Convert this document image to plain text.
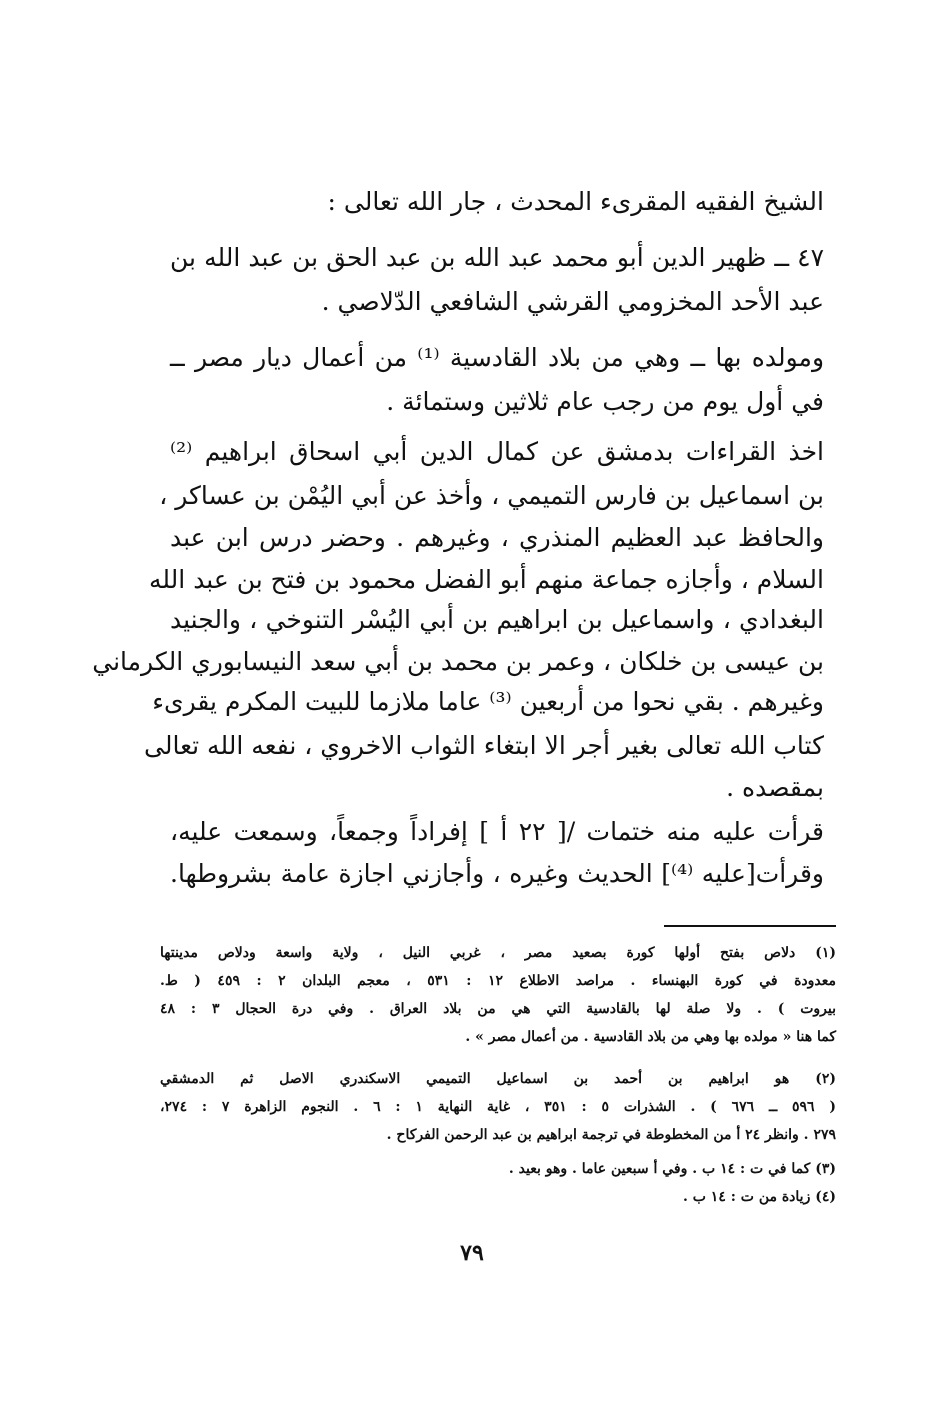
الشيخ الفقيه المقرىء المحدث ، جار الله تعالى :
٤٧ ــ ظهير الدين أبو محمد عبد الله بن عبد الحق بن عبد الله بن
عبد الأحد المخزومي القرشي الشافعي الدّلاصي .
ومولده بها ــ وهي من بلاد القادسية ⁽¹⁾ من أعمال ديار مصر ــ
في أول يوم من رجب عام ثلاثين وستمائة .
اخذ القراءات بدمشق عن كمال الدين أبي اسحاق ابراهيم ⁽²⁾
بن اسماعيل بن فارس التميمي ، وأخذ عن أبي اليُمْن بن عساكر ،
والحافظ عبد العظيم المنذري ، وغيرهم . وحضر درس ابن عبد
السلام ، وأجازه جماعة منهم أبو الفضل محمود بن فتح بن عبد الله
البغدادي ، واسماعيل بن ابراهيم بن أبي اليُسْر التنوخي ، والجنيد
بن عيسى بن خلكان ، وعمر بن محمد بن أبي سعد النيسابوري الكرماني
وغيرهم . بقي نحوا من أربعين ⁽³⁾ عاما ملازما للبيت المكرم يقرىء
كتاب الله تعالى بغير أجر الا ابتغاء الثواب الاخروي ، نفعه الله تعالى
بمقصده .
قرأت عليه منه ختمات /[ ٢٢ أ ] إفراداً وجمعاً، وسمعت عليه،
وقرأت[عليه ⁽⁴⁾] الحديث وغيره ، وأجازني اجازة عامة بشروطها.
(١) دلاص بفتح أولها كورة بصعيد مصر ، غربي النيل ، ولاية واسعة ودلاص مدينتها
معدودة في كورة البهنساء . مراصد الاطلاع ١٢ : ٥٣١ ، معجم البلدان ٢ : ٤٥٩ ( ط.
بيروت ) . ولا صلة لها بالقادسية التي هي من بلاد العراق . وفي درة الحجال ٣ : ٤٨
كما هنا « مولده بها وهي من بلاد القادسية . من أعمال مصر » .
(٢) هو ابراهيم بن أحمد بن اسماعيل التميمي الاسكندري الاصل ثم الدمشقي
( ٥٩٦ ــ ٦٧٦ ) . الشذرات ٥ : ٣٥١ ، غاية النهاية ١ : ٦ . النجوم الزاهرة ٧ : ٢٧٤،
٢٧٩ . وانظر ٢٤ أ من المخطوطة في ترجمة ابراهيم بن عبد الرحمن الفركاح .
(٣) كما في ت : ١٤ ب . وفي أ سبعين عاما . وهو بعيد .
(٤) زيادة من ت : ١٤ ب .
٧٩
